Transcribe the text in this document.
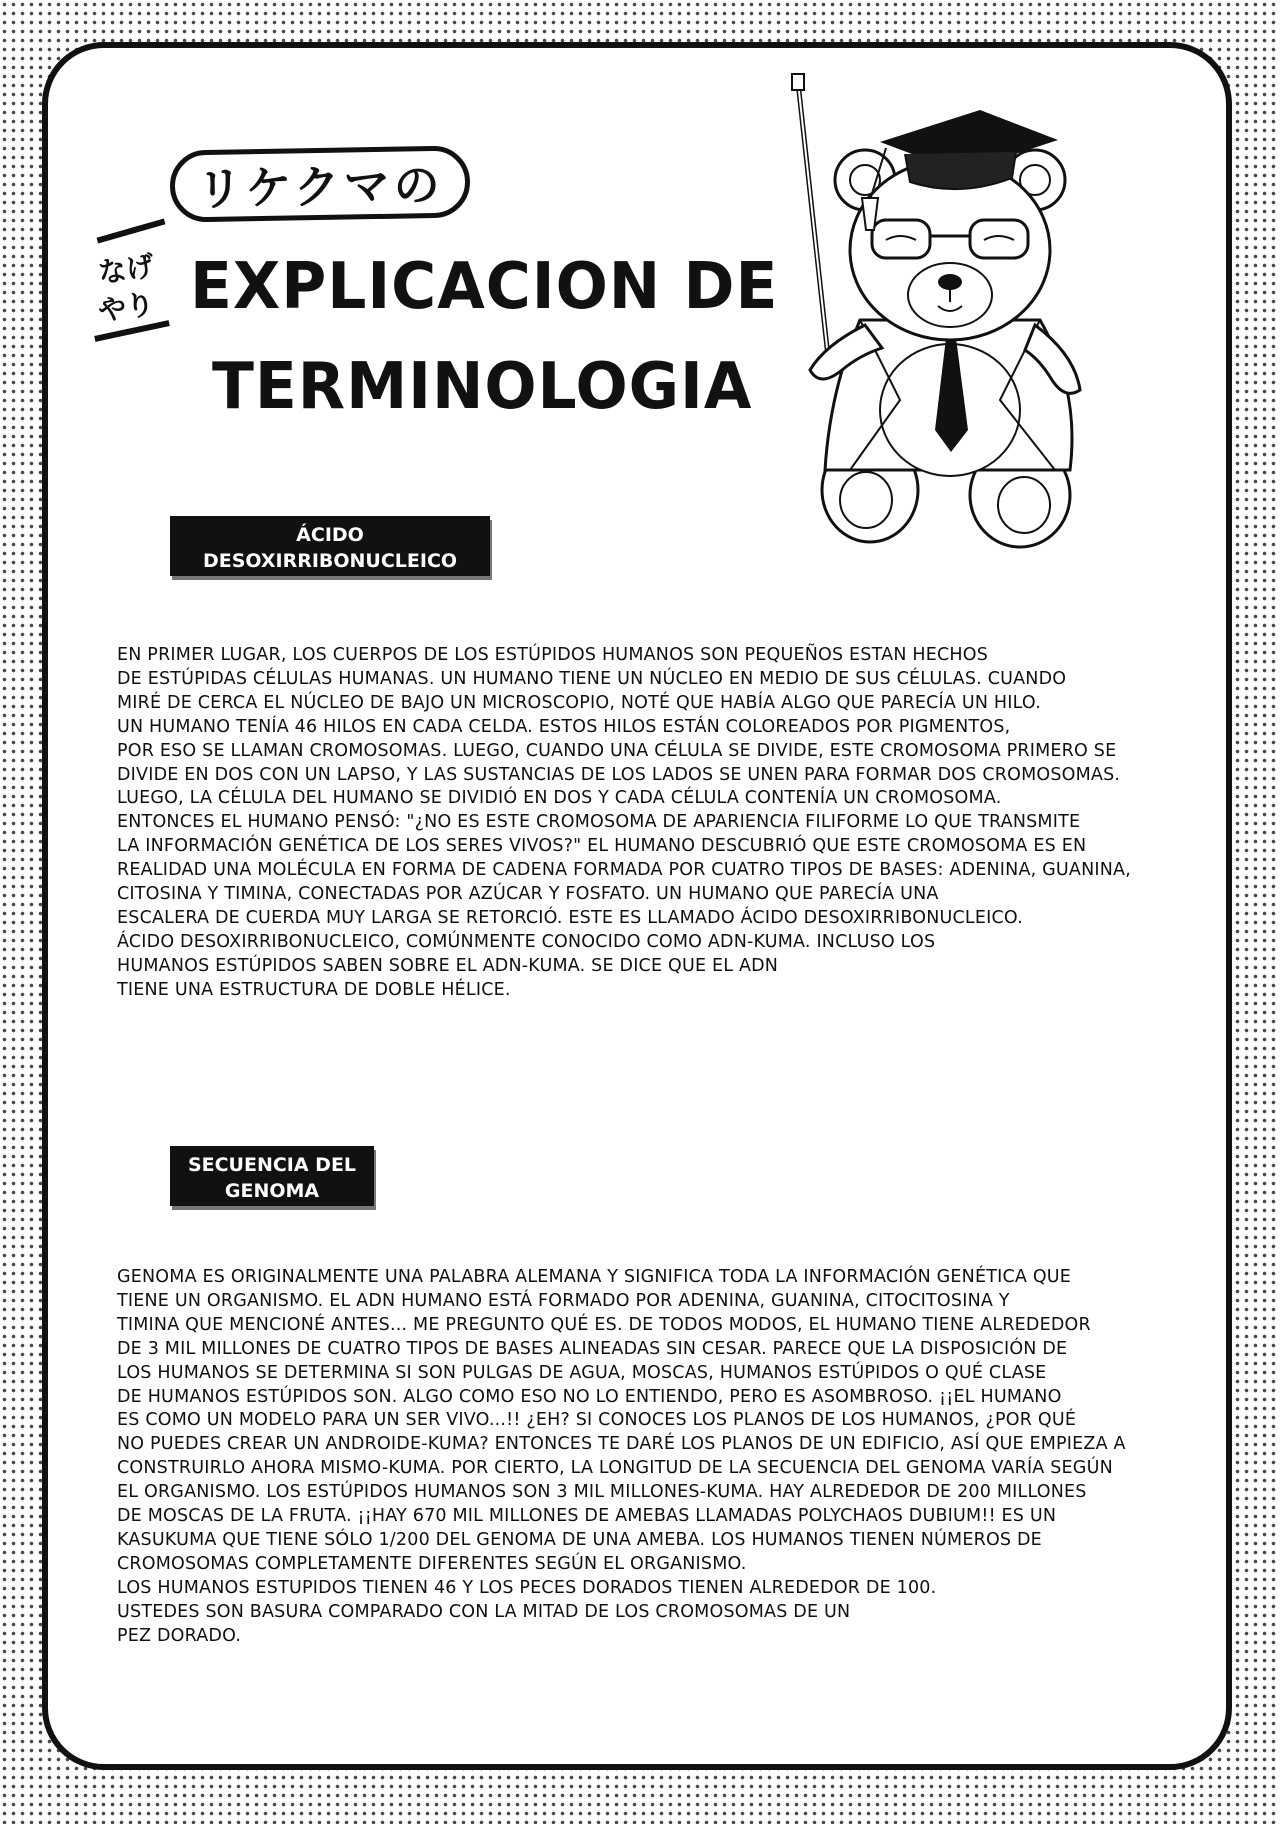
リケクマの
なげ
やり EXPLICACION DE
TERMINOLOGIA
ÁCIDO
DESOXIRRIBONUCLEICO
EN PRIMER LUGAR, LOS CUERPOS DE LOS ESTÚPIDOS HUMANOS SON PEQUEÑOS ESTAN HECHOS
DE ESTÚPIDAS CÉLULAS HUMANAS. UN HUMANO TIENE UN NÚCLEO EN MEDIO DE SUS CÉLULAS. CUANDO
MIRÉ DE CERCA EL NÚCLEO DE BAJO UN MICROSCOPIO, NOTÉ QUE HABÍA ALGO QUE PARECÍA UN HILO.
UN HUMANO TENÍA 46 HILOS EN CADA CELDA. ESTOS HILOS ESTÁN COLOREADOS POR PIGMENTOS,
POR ESO SE LLAMAN CROMOSOMAS. LUEGO, CUANDO UNA CÉLULA SE DIVIDE, ESTE CROMOSOMA PRIMERO SE
DIVIDE EN DOS CON UN LAPSO, Y LAS SUSTANCIAS DE LOS LADOS SE UNEN PARA FORMAR DOS CROMOSOMAS.
LUEGO, LA CÉLULA DEL HUMANO SE DIVIDIÓ EN DOS Y CADA CÉLULA CONTENÍA UN CROMOSOMA.
ENTONCES EL HUMANO PENSÓ: "¿NO ES ESTE CROMOSOMA DE APARIENCIA FILIFORME LO QUE TRANSMITE
LA INFORMACIÓN GENÉTICA DE LOS SERES VIVOS?" EL HUMANO DESCUBRIÓ QUE ESTE CROMOSOMA ES EN
REALIDAD UNA MOLÉCULA EN FORMA DE CADENA FORMADA POR CUATRO TIPOS DE BASES: ADENINA, GUANINA,
CITOSINA Y TIMINA, CONECTADAS POR AZÚCAR Y FOSFATO. UN HUMANO QUE PARECÍA UNA
ESCALERA DE CUERDA MUY LARGA SE RETORCIÓ. ESTE ES LLAMADO ÁCIDO DESOXIRRIBONUCLEICO.
ÁCIDO DESOXIRRIBONUCLEICO, COMÚNMENTE CONOCIDO COMO ADN-KUMA. INCLUSO LOS
HUMANOS ESTÚPIDOS SABEN SOBRE EL ADN-KUMA. SE DICE QUE EL ADN
TIENE UNA ESTRUCTURA DE DOBLE HÉLICE.
SECUENCIA DEL
GENOMA
GENOMA ES ORIGINALMENTE UNA PALABRA ALEMANA Y SIGNIFICA TODA LA INFORMACIÓN GENÉTICA QUE
TIENE UN ORGANISMO. EL ADN HUMANO ESTÁ FORMADO POR ADENINA, GUANINA, CITOCITOSINA Y
TIMINA QUE MENCIONÉ ANTES... ME PREGUNTO QUÉ ES. DE TODOS MODOS, EL HUMANO TIENE ALREDEDOR
DE 3 MIL MILLONES DE CUATRO TIPOS DE BASES ALINEADAS SIN CESAR. PARECE QUE LA DISPOSICIÓN DE
LOS HUMANOS SE DETERMINA SI SON PULGAS DE AGUA, MOSCAS, HUMANOS ESTÚPIDOS O QUÉ CLASE
DE HUMANOS ESTÚPIDOS SON. ALGO COMO ESO NO LO ENTIENDO, PERO ES ASOMBROSO. ¡¡EL HUMANO
ES COMO UN MODELO PARA UN SER VIVO...!! ¿EH? SI CONOCES LOS PLANOS DE LOS HUMANOS, ¿POR QUÉ
NO PUEDES CREAR UN ANDROIDE-KUMA? ENTONCES TE DARÉ LOS PLANOS DE UN EDIFICIO, ASÍ QUE EMPIEZA A
CONSTRUIRLO AHORA MISMO-KUMA. POR CIERTO, LA LONGITUD DE LA SECUENCIA DEL GENOMA VARÍA SEGÚN
EL ORGANISMO. LOS ESTÚPIDOS HUMANOS SON 3 MIL MILLONES-KUMA. HAY ALREDEDOR DE 200 MILLONES
DE MOSCAS DE LA FRUTA. ¡¡HAY 670 MIL MILLONES DE AMEBAS LLAMADAS POLYCHAOS DUBIUM!! ES UN
KASUKUMA QUE TIENE SÓLO 1/200 DEL GENOMA DE UNA AMEBA. LOS HUMANOS TIENEN NÚMEROS DE
CROMOSOMAS COMPLETAMENTE DIFERENTES SEGÚN EL ORGANISMO.
LOS HUMANOS ESTUPIDOS TIENEN 46 Y LOS PECES DORADOS TIENEN ALREDEDOR DE 100.
USTEDES SON BASURA COMPARADO CON LA MITAD DE LOS CROMOSOMAS DE UN
PEZ DORADO.
